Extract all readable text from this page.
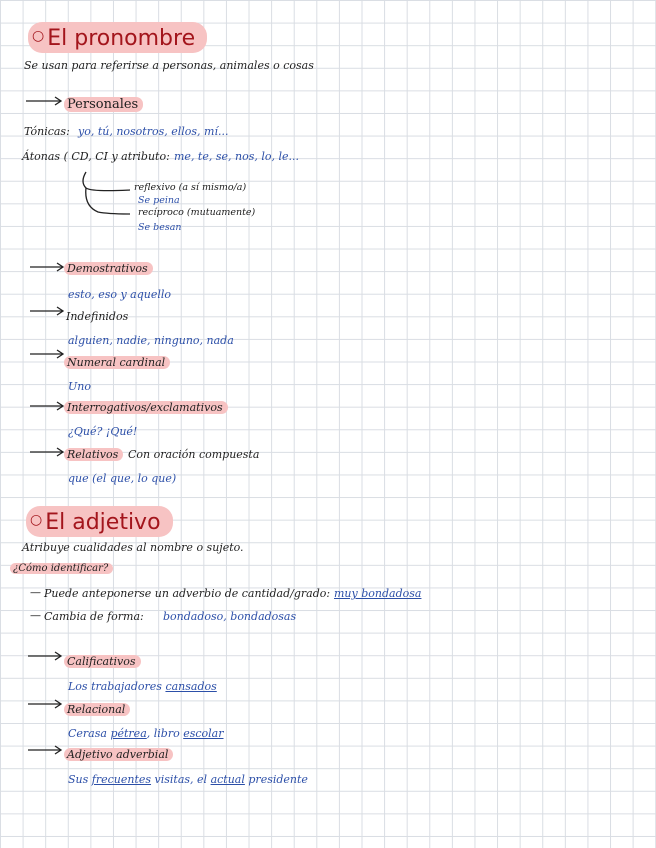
○ El pronombre
Se usan para referirse a personas, animales o cosas
Personales
Tónicas: yo, tú, nosotros, ellos, mí...
Átonas ( CD, CI y atributo: me, te, se, nos, lo, le...
reflexivo (a sí mismo/a)
Se peina
recíproco (mutuamente)
Se besan
Demostrativos
esto, eso y aquello
Indefinidos
alguien, nadie, ninguno, nada
Numeral cardinal
Uno
Interrogativos/exclamativos
¿Qué? ¡Qué!
Relativos Con oración compuesta
que (el que, lo que)
○ El adjetivo
Atribuye cualidades al nombre o sujeto.
¿Cómo identificar?
— Puede anteponerse un adverbio de cantidad/grado: muy bondadosa
— Cambia de forma: bondadoso, bondadosas
Calificativos
Los trabajadores cansados
Relacional
Cerasa pétrea, libro escolar
Adjetivo adverbial
Sus frecuentes visitas, el actual presidente
